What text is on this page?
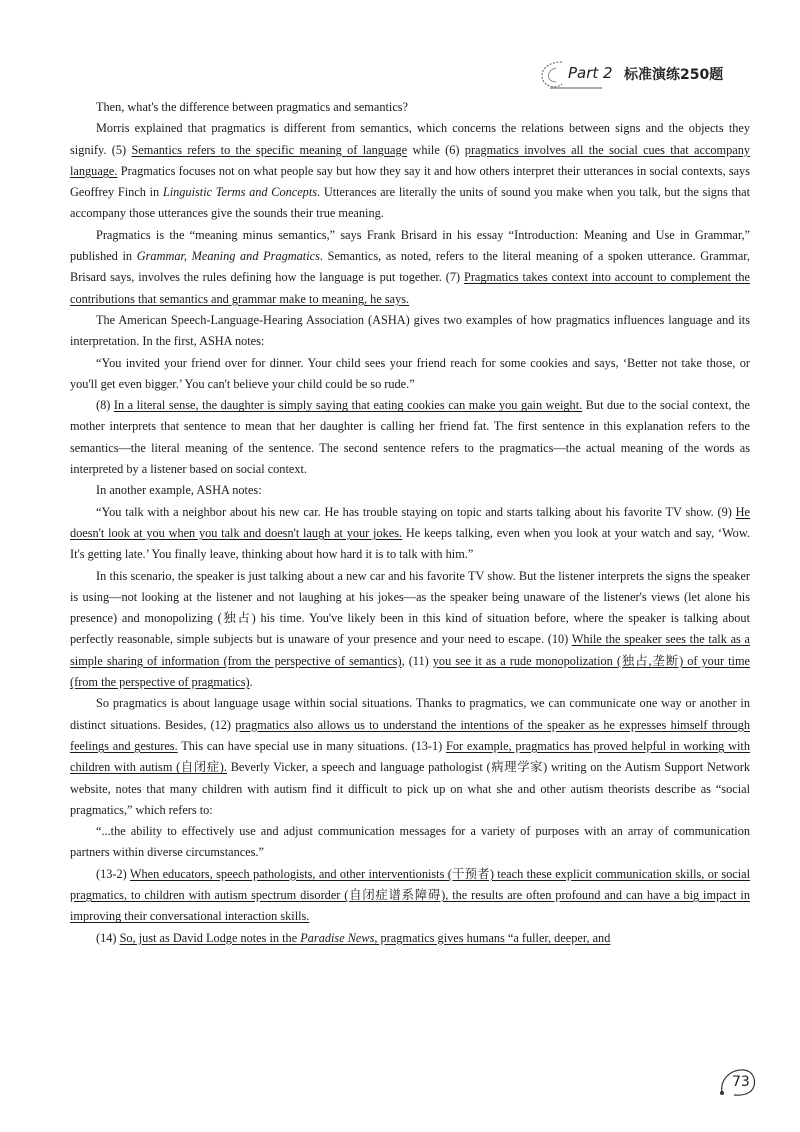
Part 2 标准演练250题

Then, what's the difference between pragmatics and semantics?

Morris explained that pragmatics is different from semantics, which concerns the relations between signs and the objects they signify. (5) Semantics refers to the specific meaning of language while (6) pragmatics involves all the social cues that accompany language. Pragmatics focuses not on what people say but how they say it and how others interpret their utterances in social contexts, says Geoffrey Finch in Linguistic Terms and Concepts. Utterances are literally the units of sound you make when you talk, but the signs that accompany those utterances give the sounds their true meaning.

Pragmatics is the “meaning minus semantics,” says Frank Brisard in his essay “Introduction: Meaning and Use in Grammar,” published in Grammar, Meaning and Pragmatics. Semantics, as noted, refers to the literal meaning of a spoken utterance. Grammar, Brisard says, involves the rules defining how the language is put together. (7) Pragmatics takes context into account to complement the contributions that semantics and grammar make to meaning, he says.

The American Speech-Language-Hearing Association (ASHA) gives two examples of how pragmatics influences language and its interpretation. In the first, ASHA notes:

“You invited your friend over for dinner. Your child sees your friend reach for some cookies and says, ‘Better not take those, or you'll get even bigger.’ You can't believe your child could be so rude.”

(8) In a literal sense, the daughter is simply saying that eating cookies can make you gain weight. But due to the social context, the mother interprets that sentence to mean that her daughter is calling her friend fat. The first sentence in this explanation refers to the semantics—the literal meaning of the sentence. The second sentence refers to the pragmatics—the actual meaning of the words as interpreted by a listener based on social context.

In another example, ASHA notes:

“You talk with a neighbor about his new car. He has trouble staying on topic and starts talking about his favorite TV show. (9) He doesn't look at you when you talk and doesn't laugh at your jokes. He keeps talking, even when you look at your watch and say, ‘Wow. It's getting late.’ You finally leave, thinking about how hard it is to talk with him.”

In this scenario, the speaker is just talking about a new car and his favorite TV show. But the listener interprets the signs the speaker is using—not looking at the listener and not laughing at his jokes—as the speaker being unaware of the listener's views (let alone his presence) and monopolizing (独占) his time. You've likely been in this kind of situation before, where the speaker is talking about perfectly reasonable, simple subjects but is unaware of your presence and your need to escape. (10) While the speaker sees the talk as a simple sharing of information (from the perspective of semantics), (11) you see it as a rude monopolization (独占,垄断) of your time (from the perspective of pragmatics).

So pragmatics is about language usage within social situations. Thanks to pragmatics, we can communicate one way or another in distinct situations. Besides, (12) pragmatics also allows us to understand the intentions of the speaker as he expresses himself through feelings and gestures. This can have special use in many situations. (13-1) For example, pragmatics has proved helpful in working with children with autism (自闭症). Beverly Vicker, a speech and language pathologist (病理学家) writing on the Autism Support Network website, notes that many children with autism find it difficult to pick up on what she and other autism theorists describe as “social pragmatics,” which refers to:

“...the ability to effectively use and adjust communication messages for a variety of purposes with an array of communication partners within diverse circumstances.”

(13-2) When educators, speech pathologists, and other interventionists (干预者) teach these explicit communication skills, or social pragmatics, to children with autism spectrum disorder (自闭症谱系障碍), the results are often profound and can have a big impact in improving their conversational interaction skills.

(14) So, just as David Lodge notes in the Paradise News, pragmatics gives humans “a fuller, deeper, and

73
